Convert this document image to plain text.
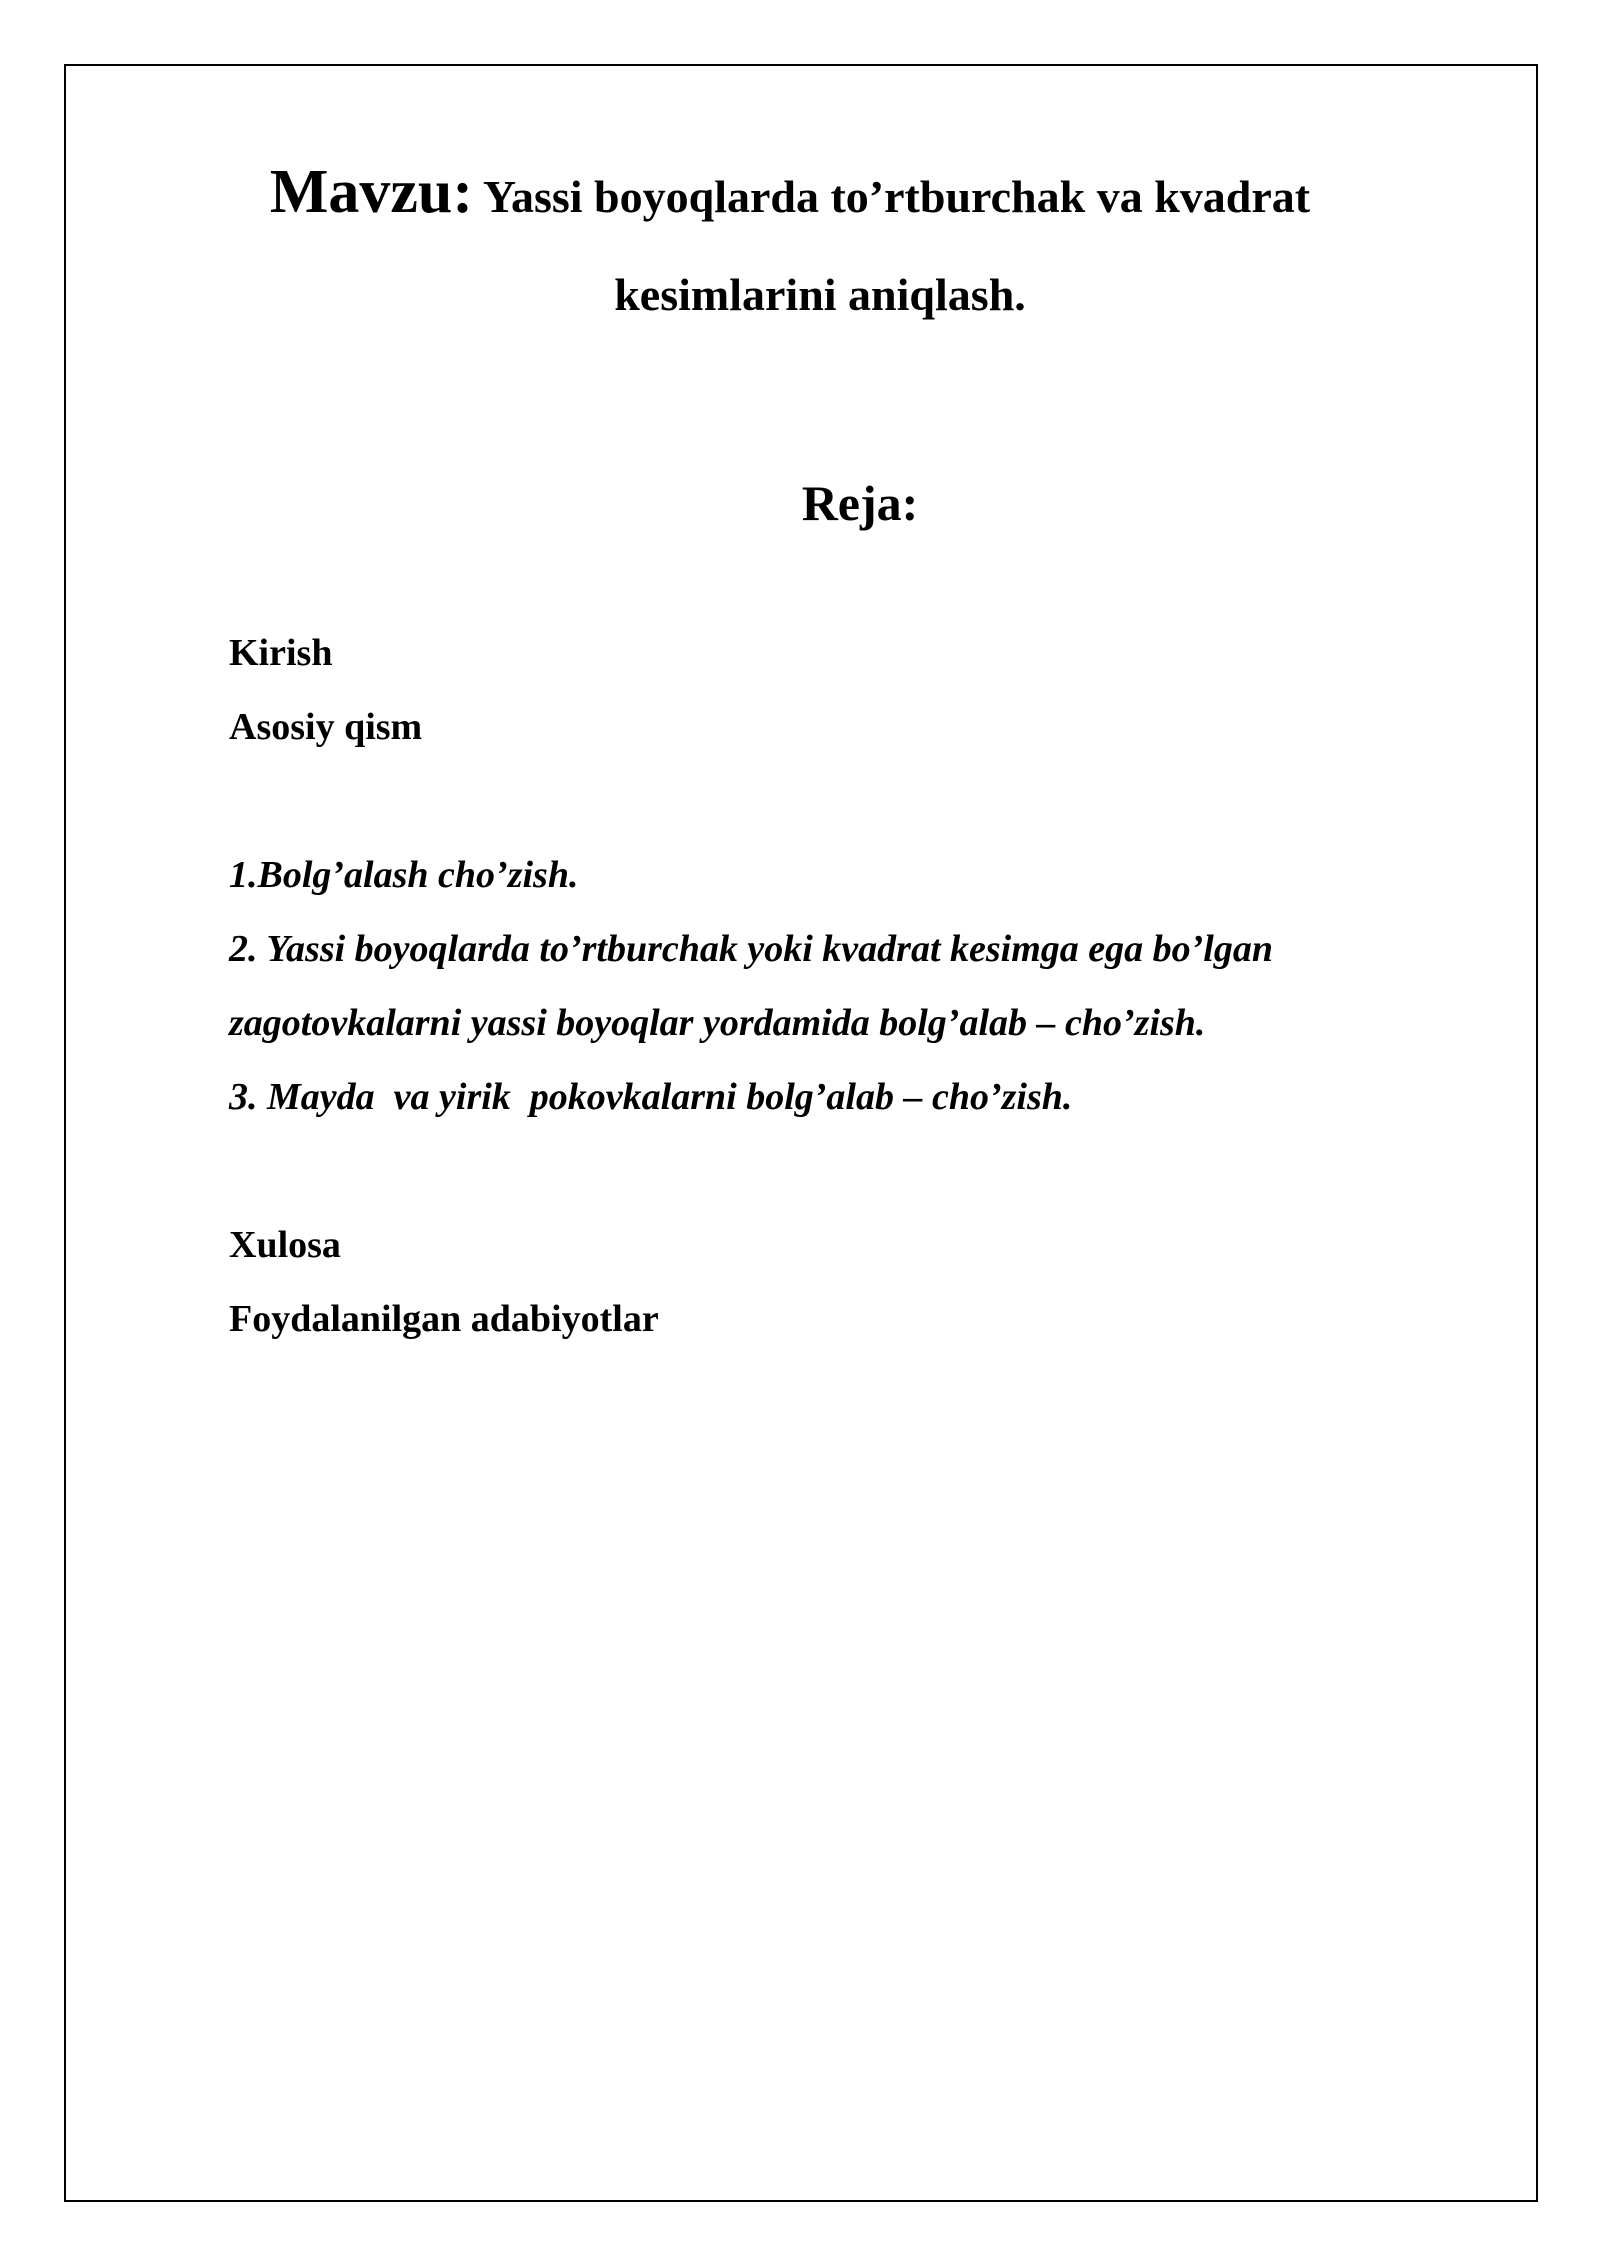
Mavzu: Yassi boyoqlarda to’rtburchak va kvadrat
kesimlarini aniqlash.
Reja:
Kirish
Asosiy qism
1.Bolg’alash cho’zish.
2. Yassi boyoqlarda to’rtburchak yoki kvadrat kesimga ega bo’lgan
zagotovkalarni yassi boyoqlar yordamida bolg’alab – cho’zish.
3. Mayda  va yirik  pokovkalarni bolg’alab – cho’zish.
Xulosa
Foydalanilgan adabiyotlar
